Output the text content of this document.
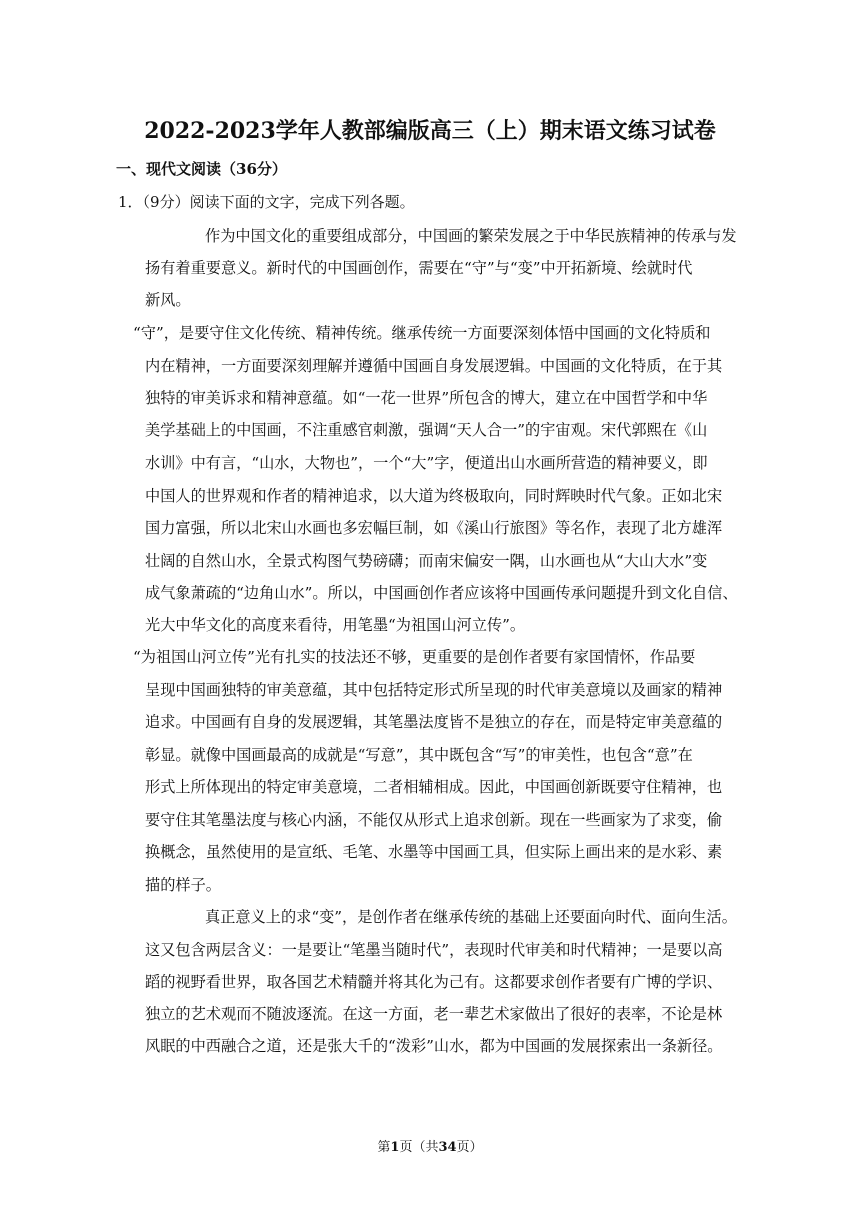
2022-2023学年人教部编版高三（上）期末语文练习试卷
一、现代文阅读（36分）
1．（9分）阅读下面的文字，完成下列各题。
作为中国文化的重要组成部分，中国画的繁荣发展之于中华民族精神的传承与发
扬有着重要意义。新时代的中国画创作，需要在“守”与“变”中开拓新境、绘就时代
新风。
“守”，是要守住文化传统、精神传统。继承传统一方面要深刻体悟中国画的文化特质和
内在精神，一方面要深刻理解并遵循中国画自身发展逻辑。中国画的文化特质，在于其
独特的审美诉求和精神意蕴。如“一花一世界”所包含的博大，建立在中国哲学和中华
美学基础上的中国画，不注重感官刺激，强调“天人合一”的宇宙观。宋代郭熙在《山
水训》中有言，“山水，大物也”，一个“大”字，便道出山水画所营造的精神要义，即
中国人的世界观和作者的精神追求，以大道为终极取向，同时辉映时代气象。正如北宋
国力富强，所以北宋山水画也多宏幅巨制，如《溪山行旅图》等名作，表现了北方雄浑
壮阔的自然山水，全景式构图气势磅礴；而南宋偏安一隅，山水画也从“大山大水”变
成气象萧疏的“边角山水”。所以，中国画创作者应该将中国画传承问题提升到文化自信、
光大中华文化的高度来看待，用笔墨“为祖国山河立传”。
“为祖国山河立传”光有扎实的技法还不够，更重要的是创作者要有家国情怀，作品要
呈现中国画独特的审美意蕴，其中包括特定形式所呈现的时代审美意境以及画家的精神
追求。中国画有自身的发展逻辑，其笔墨法度皆不是独立的存在，而是特定审美意蕴的
彰显。就像中国画最高的成就是“写意”，其中既包含“写”的审美性，也包含“意”在
形式上所体现出的特定审美意境，二者相辅相成。因此，中国画创新既要守住精神，也
要守住其笔墨法度与核心内涵，不能仅从形式上追求创新。现在一些画家为了求变，偷
换概念，虽然使用的是宣纸、毛笔、水墨等中国画工具，但实际上画出来的是水彩、素
描的样子。
真正意义上的求“变”，是创作者在继承传统的基础上还要面向时代、面向生活。
这又包含两层含义：一是要让“笔墨当随时代”，表现时代审美和时代精神；一是要以高
蹈的视野看世界，取各国艺术精髓并将其化为己有。这都要求创作者要有广博的学识、
独立的艺术观而不随波逐流。在这一方面，老一辈艺术家做出了很好的表率，不论是林
风眠的中西融合之道，还是张大千的“泼彩”山水，都为中国画的发展探索出一条新径。
第1页（共34页）
